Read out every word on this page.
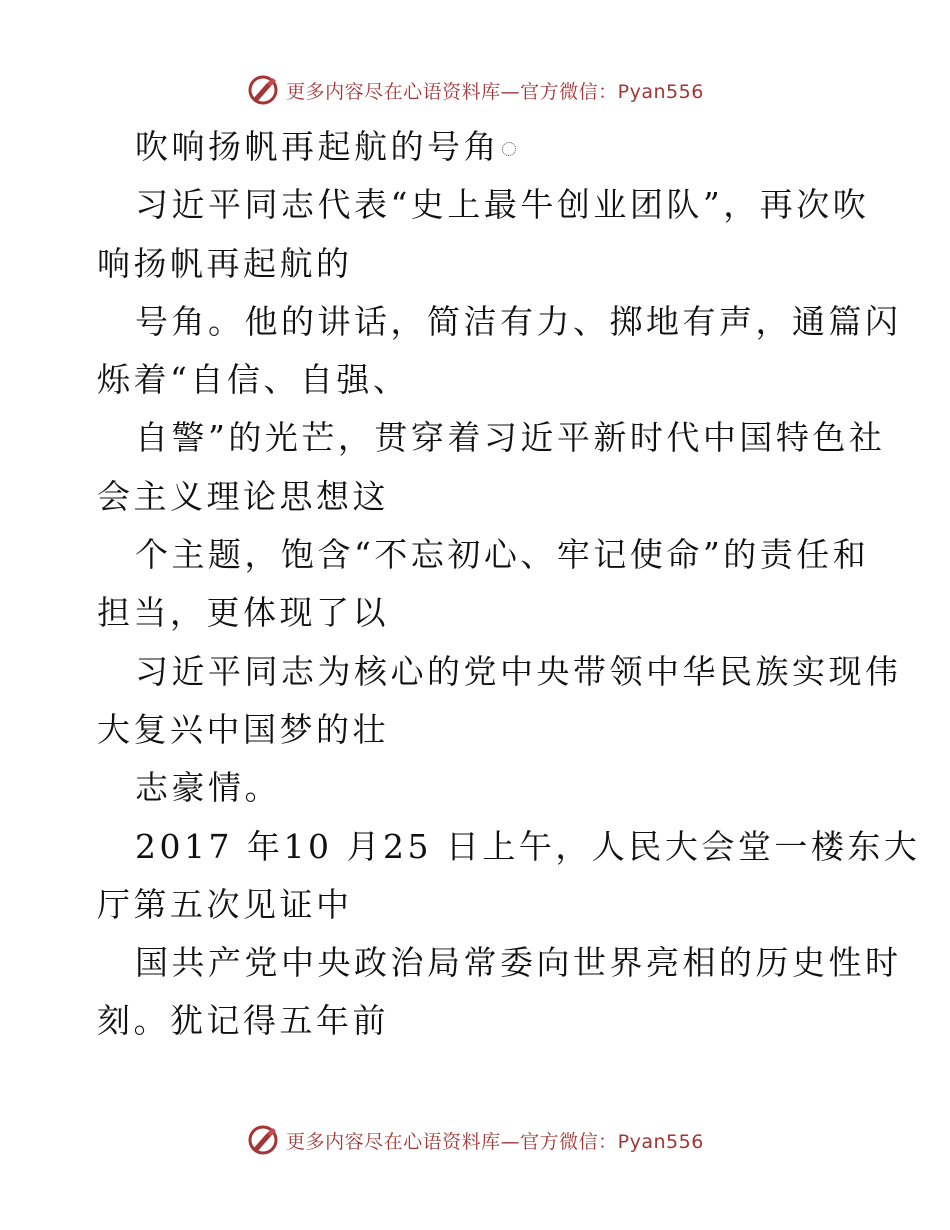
更多内容尽在心语资料库—官方微信：Pyan556
吹响扬帆再起航的号角
习近平同志代表“史上最牛创业团队”，再次吹
响扬帆再起航的
号角。他的讲话，简洁有力、掷地有声，通篇闪
烁着“自信、自强、
自警”的光芒，贯穿着习近平新时代中国特色社
会主义理论思想这
个主题，饱含“不忘初心、牢记使命”的责任和
担当，更体现了以
习近平同志为核心的党中央带领中华民族实现伟
大复兴中国梦的壮
志豪情。
2017 年10 月25 日上午，人民大会堂一楼东大
厅第五次见证中
国共产党中央政治局常委向世界亮相的历史性时
刻。犹记得五年前
更多内容尽在心语资料库—官方微信：Pyan556
